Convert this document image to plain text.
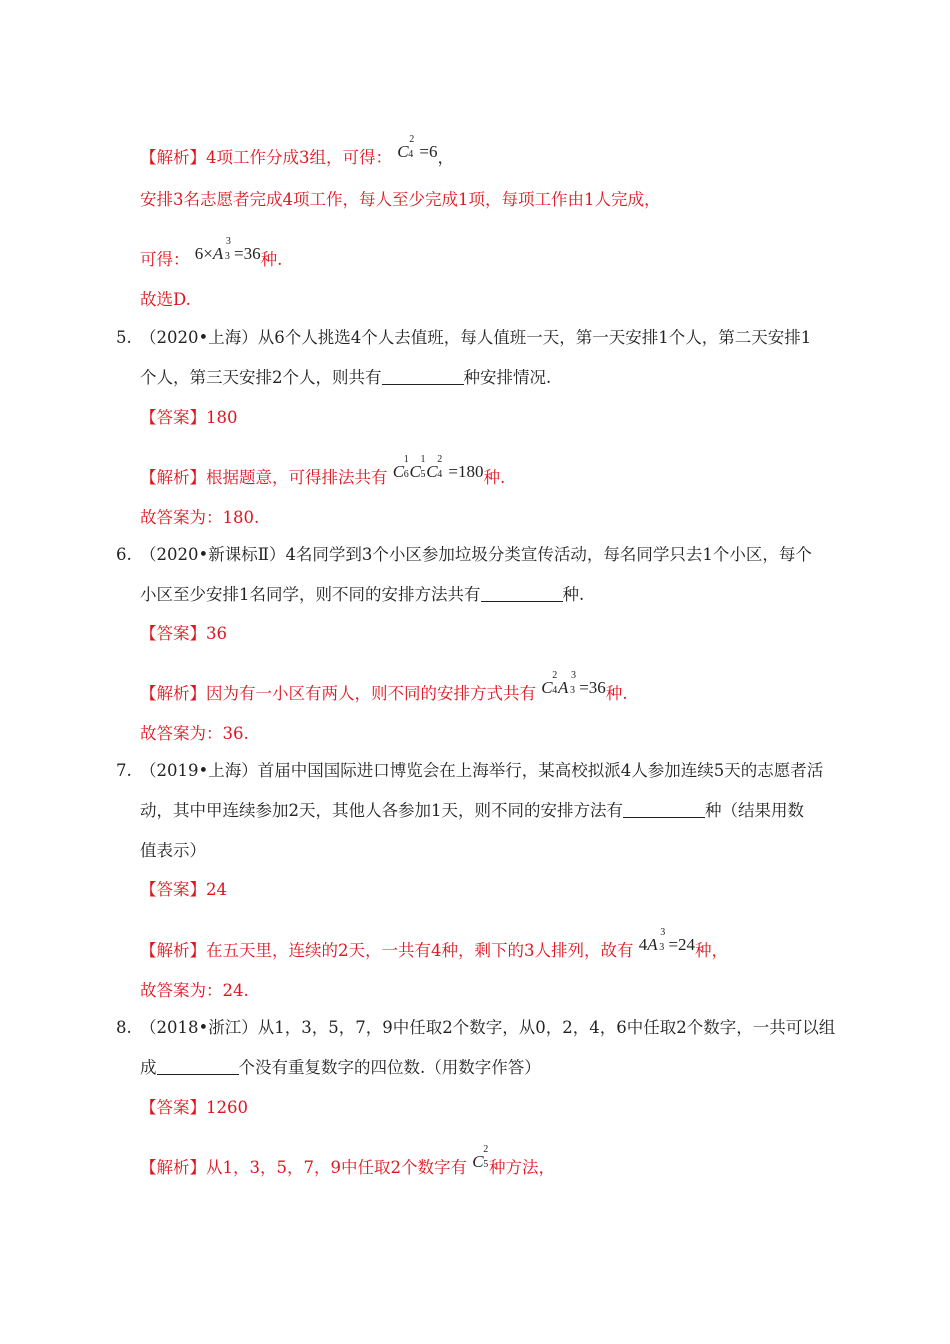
【解析】4项工作分成3组，可得： C
2
4 =6，
安排3名志愿者完成4项工作，每人至少完成1项，每项工作由1人完成，
可得： 6×A
3
3 =36种.
故选D.
5. （2020•上海）从6个人挑选4个人去值班，每人值班一天，第一天安排1个人，第二天安排1
个人，第三天安排2个人，则共有	种安排情况.
【答案】180
【解析】根据题意，可得排法共有 C
1
6 C
1
5 C
2
4 =180种.
故答案为：180.
6. （2020•新课标Ⅱ）4名同学到3个小区参加垃圾分类宣传活动，每名同学只去1个小区，每个
小区至少安排1名同学，则不同的安排方法共有	种.
【答案】36
【解析】因为有一小区有两人，则不同的安排方式共有 C
2
4 A
3
3 =36种.
故答案为：36.
7. （2019•上海）首届中国国际进口博览会在上海举行，某高校拟派4人参加连续5天的志愿者活
动，其中甲连续参加2天，其他人各参加1天，则不同的安排方法有	种（结果用数
值表示）
【答案】24
【解析】在五天里，连续的2天，一共有4种，剩下的3人排列，故有 4A
3
3 =24种，
故答案为：24.
8. （2018•浙江）从1，3，5，7，9中任取2个数字，从0，2，4，6中任取2个数字，一共可以组
成	个没有重复数字的四位数.（用数字作答）
【答案】1260
【解析】从1，3，5，7，9中任取2个数字有 C
2
5 种方法，
